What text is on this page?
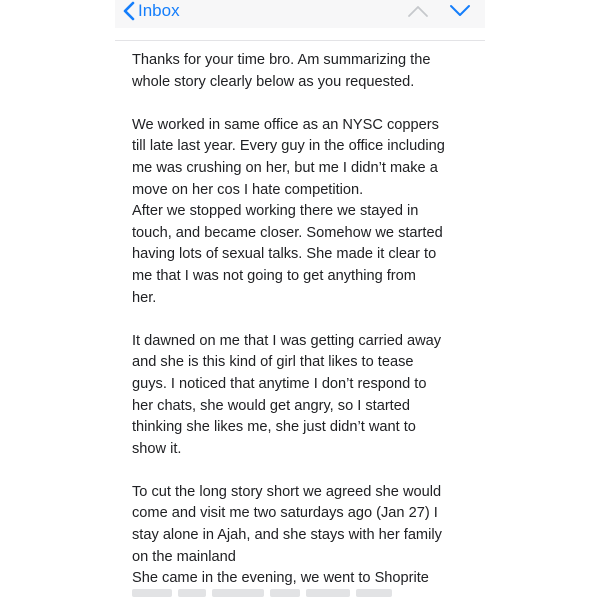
Inbox

Thanks for your time bro. Am summarizing the
whole story clearly below as you requested.

We worked in same office as an NYSC coppers
till late last year. Every guy in the office including
me was crushing on her, but me I didn’t make a
move on her cos I hate competition.
After we stopped working there we stayed in
touch, and became closer. Somehow we started
having lots of sexual talks. She made it clear to
me that I was not going to get anything from
her.

It dawned on me that I was getting carried away
and she is this kind of girl that likes to tease
guys. I noticed that anytime I don’t respond to
her chats, she would get angry, so I started
thinking she likes me, she just didn’t want to
show it.

To cut the long story short we agreed she would
come and visit me two saturdays ago (Jan 27) I
stay alone in Ajah, and she stays with her family
on the mainland
She came in the evening, we went to Shoprite
